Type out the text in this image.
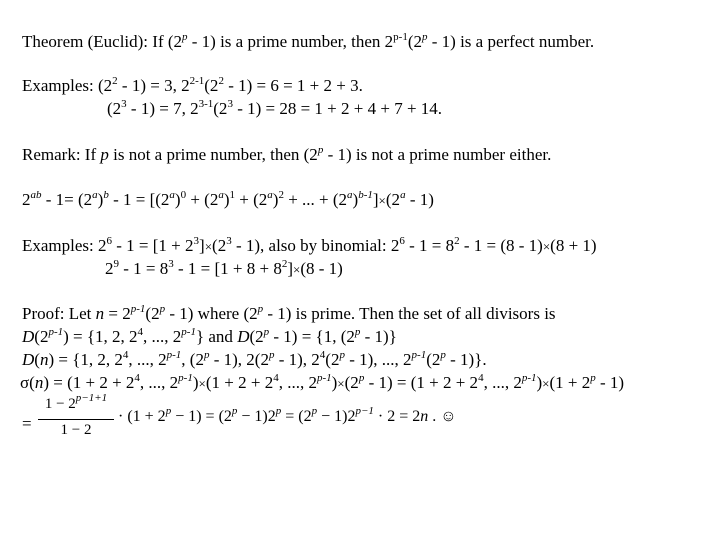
Theorem (Euclid): If (2$^p$ - 1) is a prime number, then 2$^{p-1}$(2$^p$ - 1) is a perfect number.
Examples: $(2^2 - 1) = 3$, $2^{2-1}(2^2 - 1) = 6 = 1 + 2 + 3$.
$(2^3 - 1) = 7$, $2^{3-1}(2^3 - 1) = 28 = 1 + 2 + 4 + 7 + 14$.
Remark: If p is not a prime number, then (2$^p$ - 1) is not a prime number either.
$2^{ab} - 1= (2^a)^b - 1 = [(2^a)^0 + (2^a)^1 + (2^a)^2$ + ... + $(2^a)^{b-1}]\times(2^a - 1)$
Examples: $2^6 - 1 = [1 + 2^3]\times(2^3 - 1)$, also by binomial: $2^6 - 1 = 8^2 - 1 = (8 - 1)\times(8 + 1)$
$2^9 - 1 = 8^3 - 1 = [1 + 8 + 8^2]\times(8 - 1)$
Proof: Let $n = 2^{p-1}(2^p - 1)$ where (2$^p$ - 1) is prime. Then the set of all divisors is
$D(2^{p-1}) = \{1$, 2, $2^4$, ..., 2$^{p-1}$} and D(2$^p$ - 1) = {1, (2$^p$ - 1)}
D(n) = {1, 2, $2^4$, ..., 2$^{p-1}$, (2$^p$ - 1), 2(2$^p$ - 1), $2^4(2^p - 1)$, ..., 2$^{p-1}$(2$^p$ - 1)}.
$\sigma(n) = (1 + 2 + 2^4$, ..., $2^{p-1})\times(1 + 2 + 2^4$, ..., $2^{p-1})\times(2^p - 1) = (1 + 2 + 2^4$, ..., $2^{p-1})\times(1 + 2^p - 1)$
=
$1 - 2^{p-1+1}$
1 − 2
· $(1 + 2^p - 1) = (2^p - 1)2^p = (2^p - 1)2^{p-1} \cdot 2 = 2n$ . ☺
